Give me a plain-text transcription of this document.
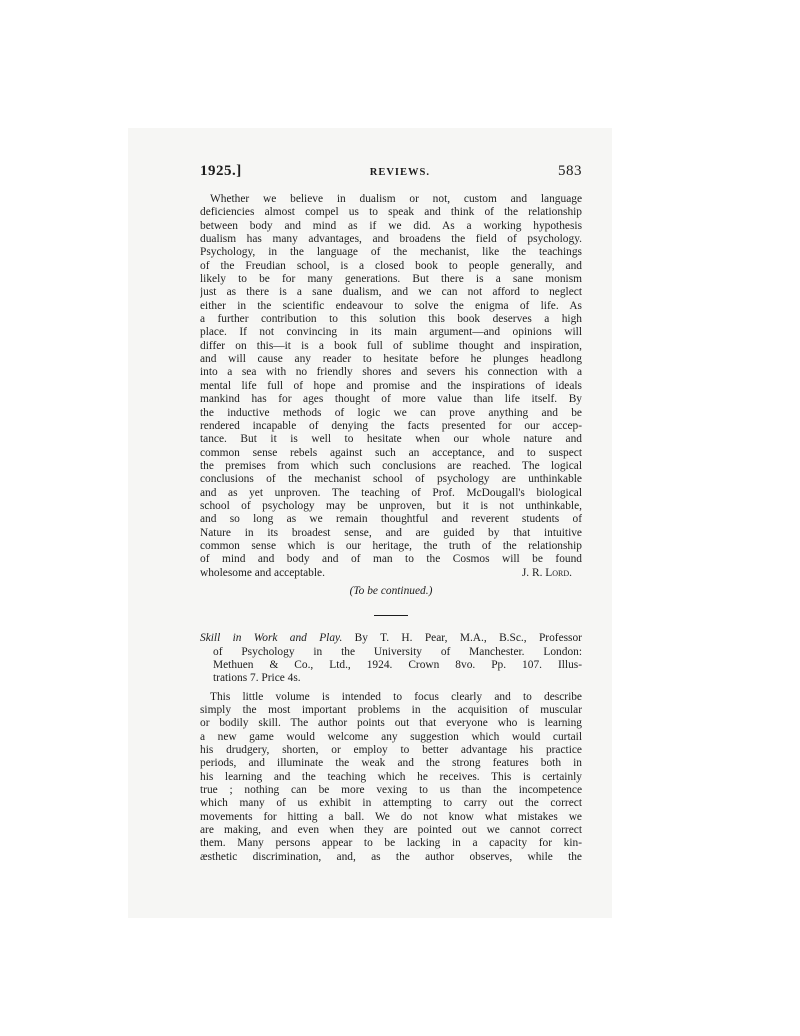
1925.]	REVIEWS.	583
Whether we believe in dualism or not, custom and language
deficiencies almost compel us to speak and think of the relationship
between body and mind as if we did. As a working hypothesis
dualism has many advantages, and broadens the field of psychology.
Psychology, in the language of the mechanist, like the teachings
of the Freudian school, is a closed book to people generally, and
likely to be for many generations. But there is a sane monism
just as there is a sane dualism, and we can not afford to neglect
either in the scientific endeavour to solve the enigma of life. As
a further contribution to this solution this book deserves a high
place. If not convincing in its main argument—and opinions will
differ on this—it is a book full of sublime thought and inspiration,
and will cause any reader to hesitate before he plunges headlong
into a sea with no friendly shores and severs his connection with a
mental life full of hope and promise and the inspirations of ideals
mankind has for ages thought of more value than life itself. By
the inductive methods of logic we can prove anything and be
rendered incapable of denying the facts presented for our accep-
tance. But it is well to hesitate when our whole nature and
common sense rebels against such an acceptance, and to suspect
the premises from which such conclusions are reached. The logical
conclusions of the mechanist school of psychology are unthinkable
and as yet unproven. The teaching of Prof. McDougall's biological
school of psychology may be unproven, but it is not unthinkable,
and so long as we remain thoughtful and reverent students of
Nature in its broadest sense, and are guided by that intuitive
common sense which is our heritage, the truth of the relationship
of mind and body and of man to the Cosmos will be found
wholesome and acceptable.	J. R. Lord.
(To be continued.)
Skill in Work and Play. By T. H. Pear, M.A., B.Sc., Professor
of Psychology in the University of Manchester. London:
Methuen & Co., Ltd., 1924. Crown 8vo. Pp. 107. Illus-
trations 7. Price 4s.
This little volume is intended to focus clearly and to describe
simply the most important problems in the acquisition of muscular
or bodily skill. The author points out that everyone who is learning
a new game would welcome any suggestion which would curtail
his drudgery, shorten, or employ to better advantage his practice
periods, and illuminate the weak and the strong features both in
his learning and the teaching which he receives. This is certainly
true ; nothing can be more vexing to us than the incompetence
which many of us exhibit in attempting to carry out the correct
movements for hitting a ball. We do not know what mistakes we
are making, and even when they are pointed out we cannot correct
them. Many persons appear to be lacking in a capacity for kin-
æsthetic discrimination, and, as the author observes, while the
